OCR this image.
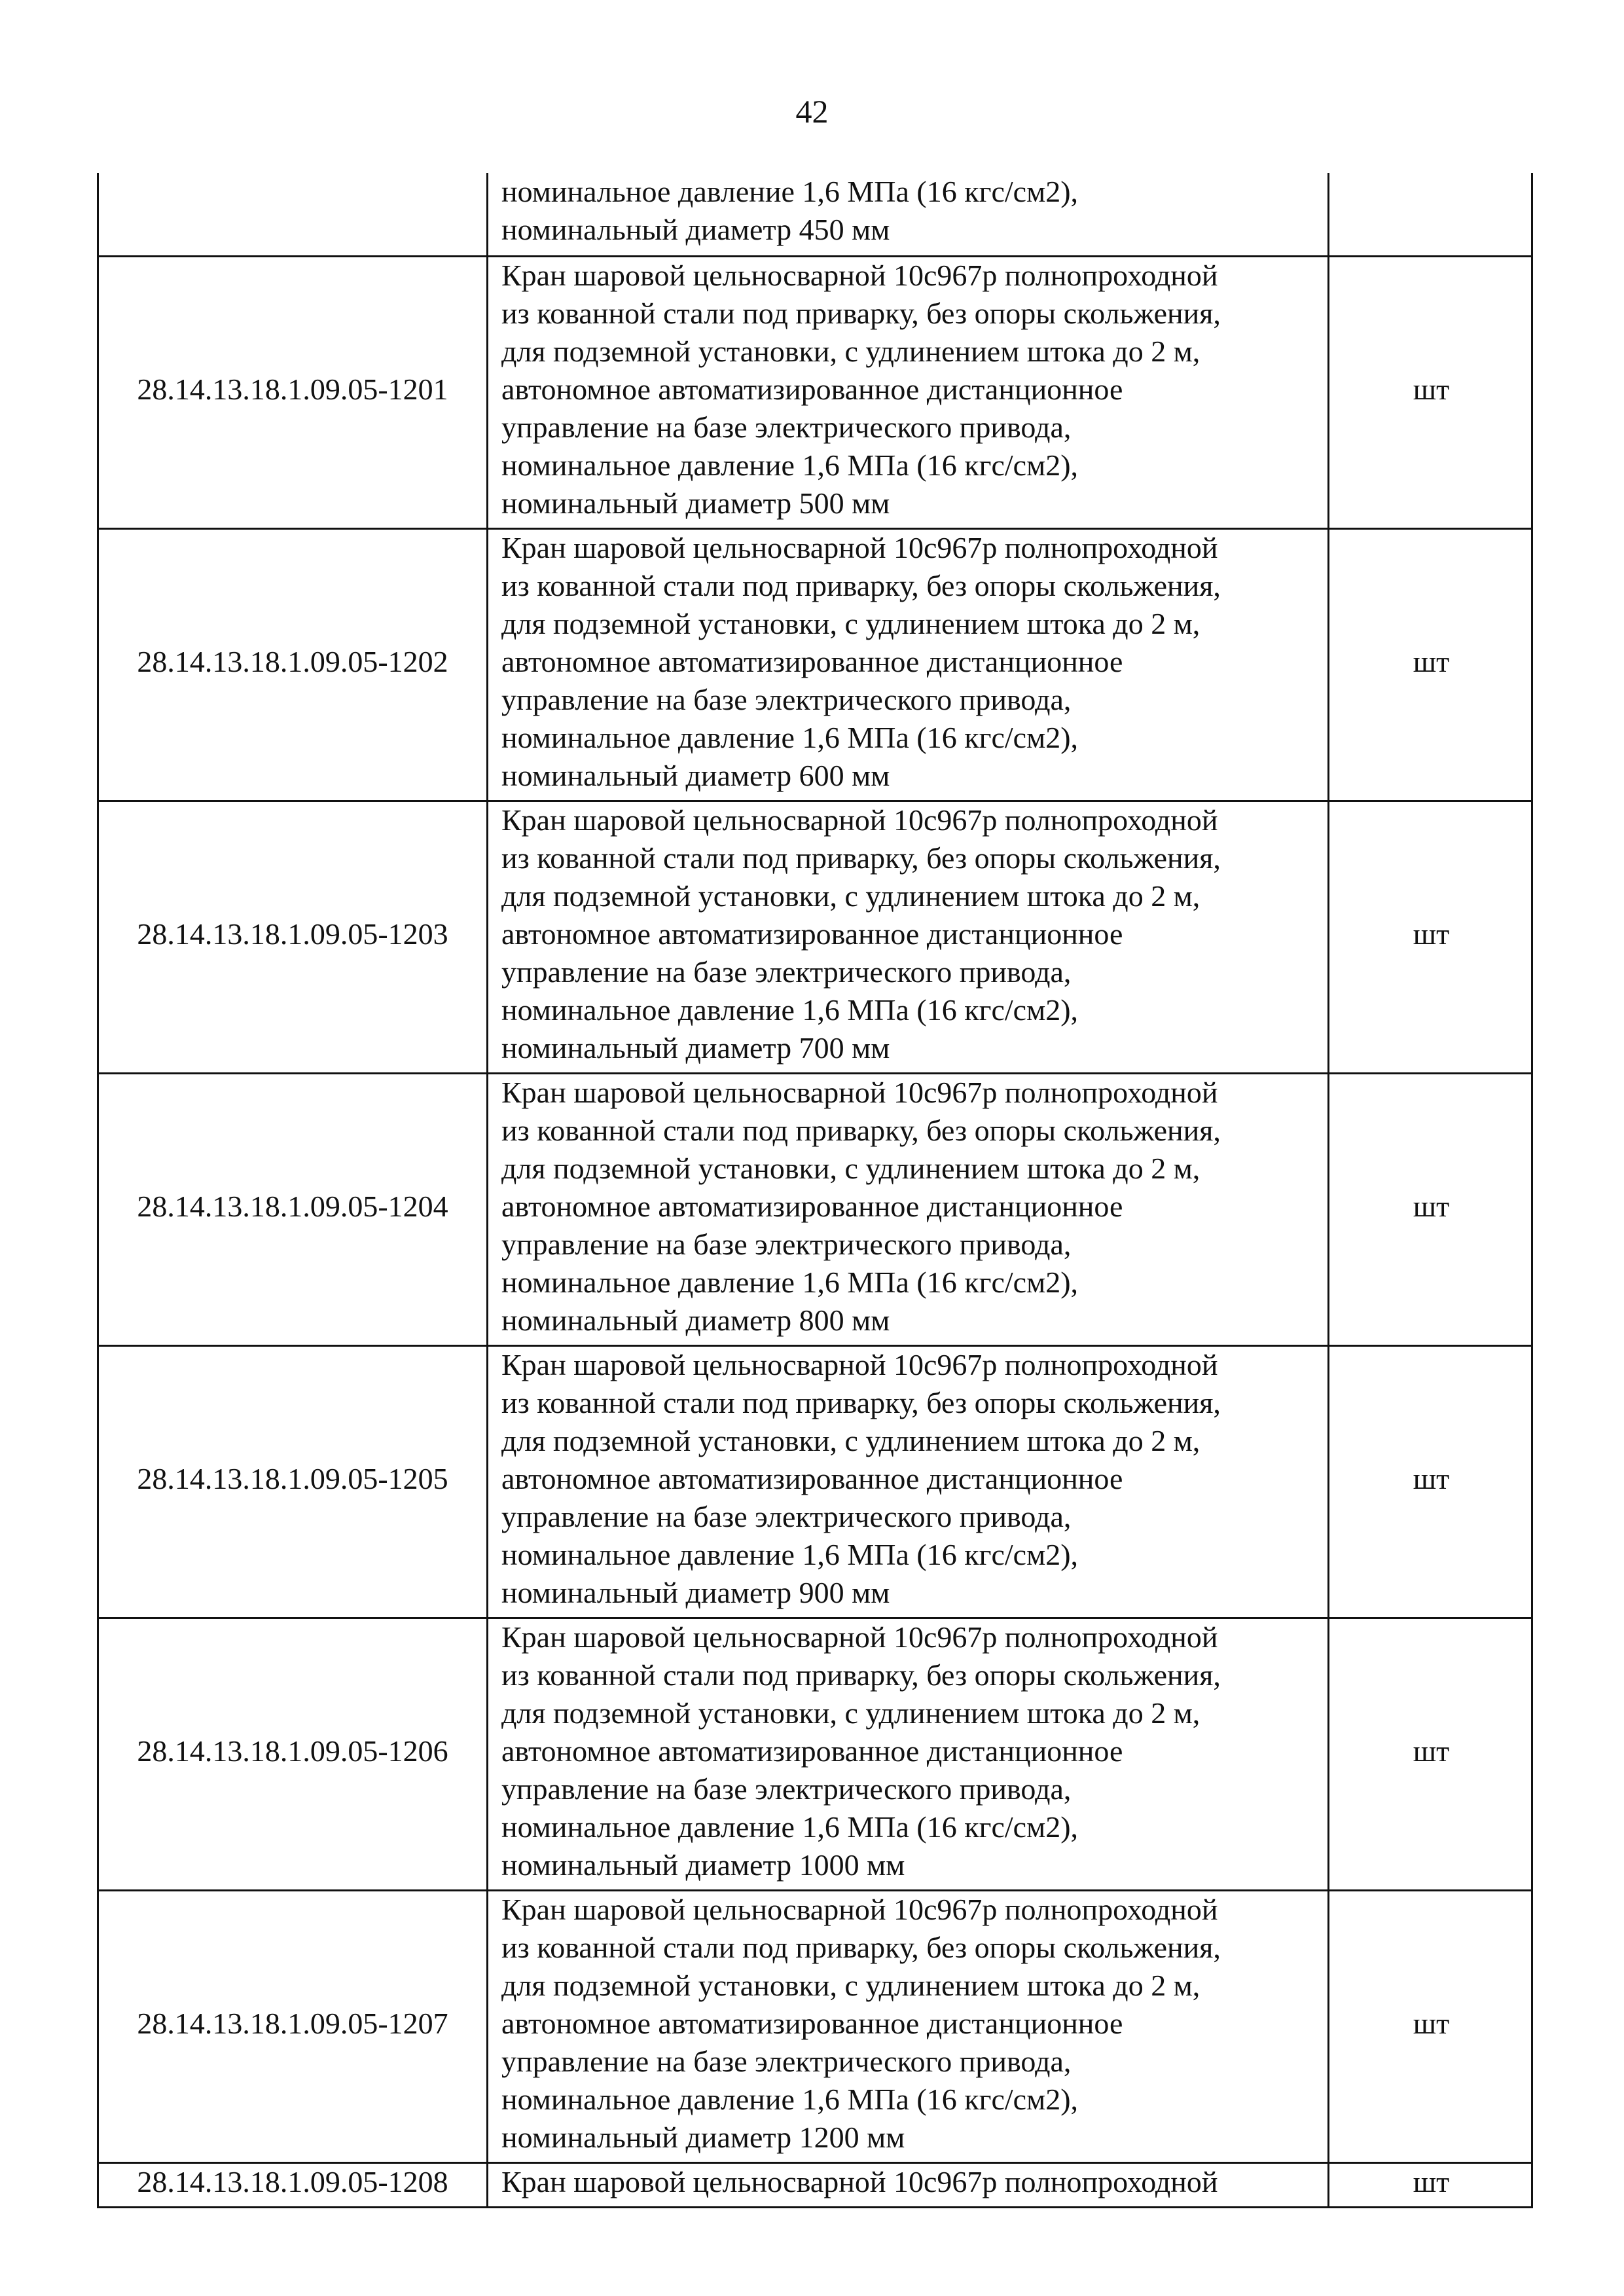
42
номинальное давление 1,6 МПа (16 кгс/см2),
номинальный диаметр 450 мм
28.14.13.18.1.09.05-1201
Кран шаровой цельносварной 10с967р полнопроходной
из кованной стали под приварку, без опоры скольжения,
для подземной установки, с удлинением штока до 2 м,
автономное автоматизированное дистанционное
управление на базе электрического привода,
номинальное давление 1,6 МПа (16 кгс/см2),
номинальный диаметр 500 мм
шт
28.14.13.18.1.09.05-1202
Кран шаровой цельносварной 10с967р полнопроходной
из кованной стали под приварку, без опоры скольжения,
для подземной установки, с удлинением штока до 2 м,
автономное автоматизированное дистанционное
управление на базе электрического привода,
номинальное давление 1,6 МПа (16 кгс/см2),
номинальный диаметр 600 мм
шт
28.14.13.18.1.09.05-1203
Кран шаровой цельносварной 10с967р полнопроходной
из кованной стали под приварку, без опоры скольжения,
для подземной установки, с удлинением штока до 2 м,
автономное автоматизированное дистанционное
управление на базе электрического привода,
номинальное давление 1,6 МПа (16 кгс/см2),
номинальный диаметр 700 мм
шт
28.14.13.18.1.09.05-1204
Кран шаровой цельносварной 10с967р полнопроходной
из кованной стали под приварку, без опоры скольжения,
для подземной установки, с удлинением штока до 2 м,
автономное автоматизированное дистанционное
управление на базе электрического привода,
номинальное давление 1,6 МПа (16 кгс/см2),
номинальный диаметр 800 мм
шт
28.14.13.18.1.09.05-1205
Кран шаровой цельносварной 10с967р полнопроходной
из кованной стали под приварку, без опоры скольжения,
для подземной установки, с удлинением штока до 2 м,
автономное автоматизированное дистанционное
управление на базе электрического привода,
номинальное давление 1,6 МПа (16 кгс/см2),
номинальный диаметр 900 мм
шт
28.14.13.18.1.09.05-1206
Кран шаровой цельносварной 10с967р полнопроходной
из кованной стали под приварку, без опоры скольжения,
для подземной установки, с удлинением штока до 2 м,
автономное автоматизированное дистанционное
управление на базе электрического привода,
номинальное давление 1,6 МПа (16 кгс/см2),
номинальный диаметр 1000 мм
шт
28.14.13.18.1.09.05-1207
Кран шаровой цельносварной 10с967р полнопроходной
из кованной стали под приварку, без опоры скольжения,
для подземной установки, с удлинением штока до 2 м,
автономное автоматизированное дистанционное
управление на базе электрического привода,
номинальное давление 1,6 МПа (16 кгс/см2),
номинальный диаметр 1200 мм
шт
28.14.13.18.1.09.05-1208	Кран шаровой цельносварной 10с967р полнопроходной	шт
